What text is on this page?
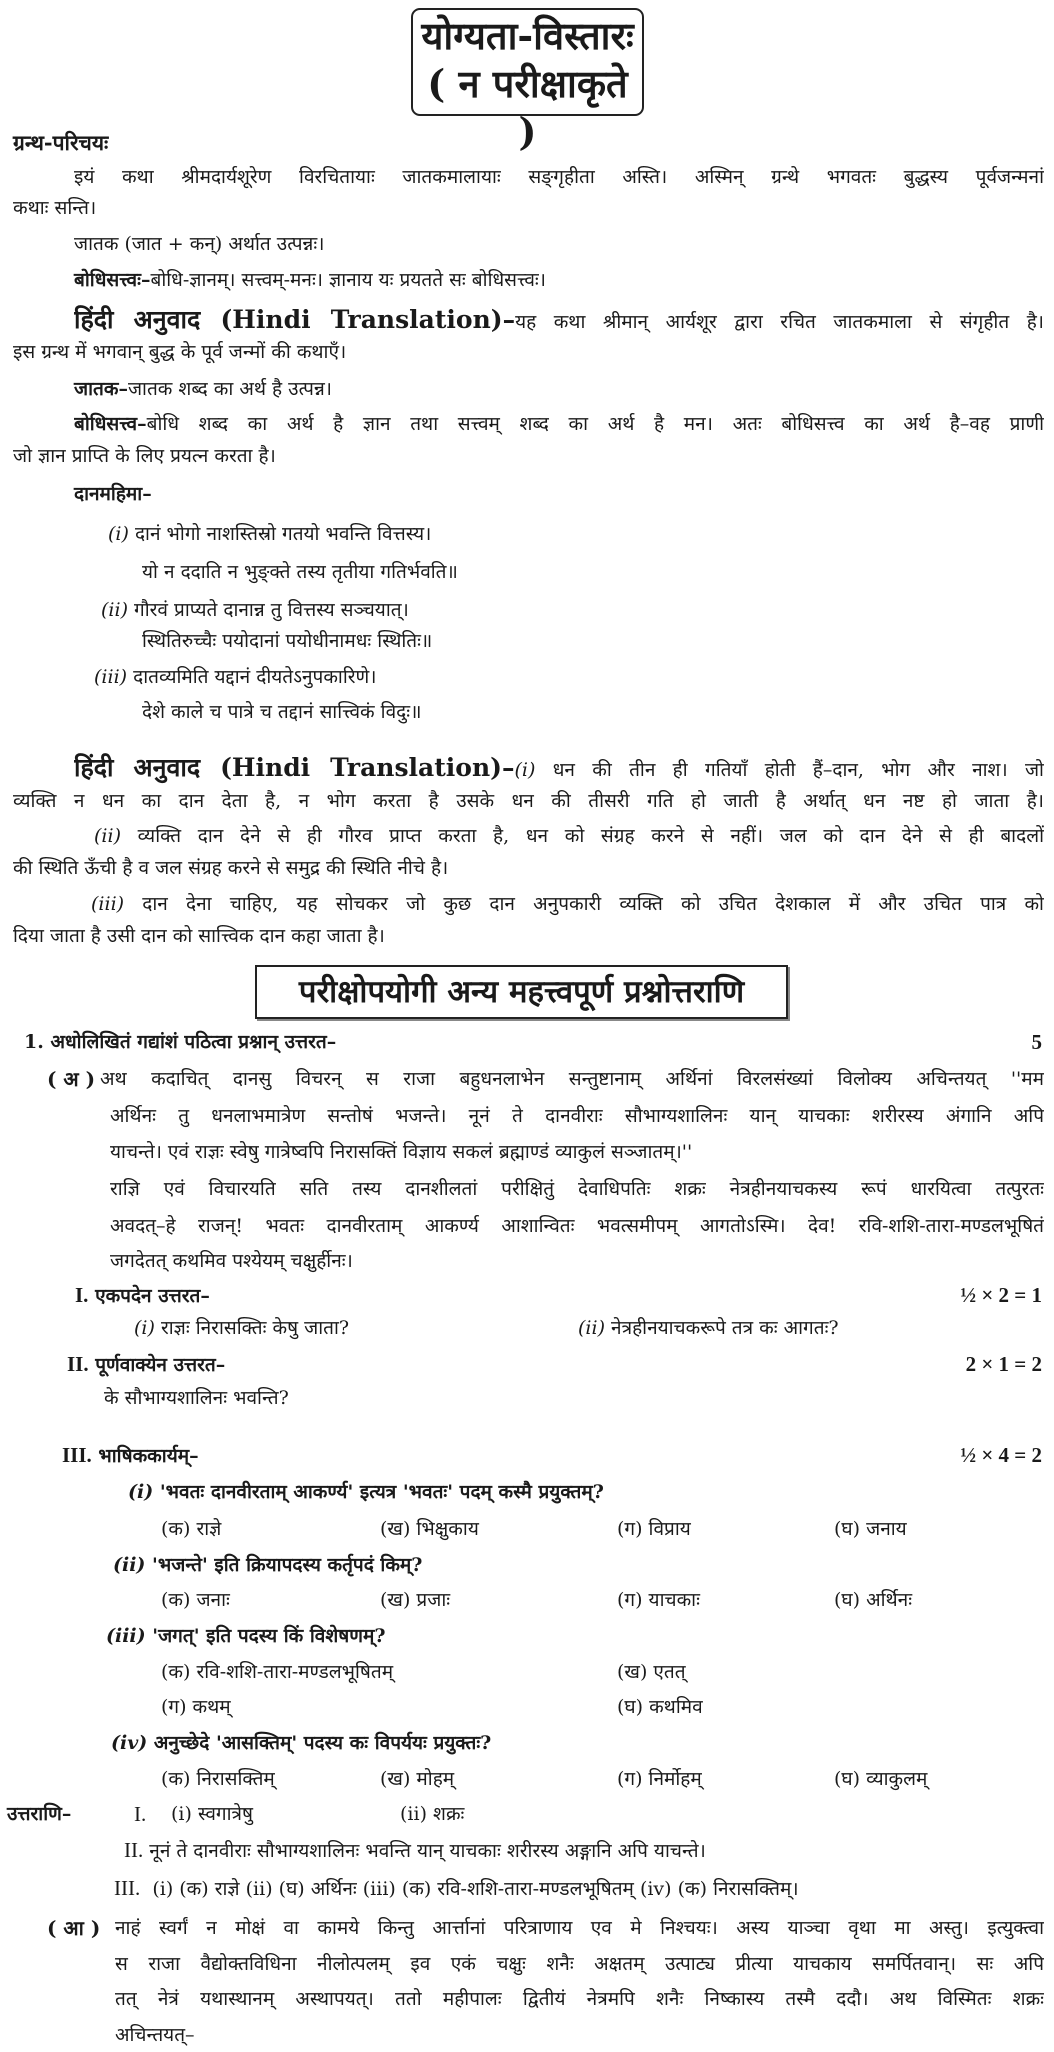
योग्यता-विस्तारः
( न परीक्षाकृते )
ग्रन्थ-परिचयः
इयं कथा श्रीमदार्यशूरेण विरचितायाः जातकमालायाः सङ्गृहीता अस्ति। अस्मिन् ग्रन्थे भगवतः बुद्धस्य पूर्वजन्मनां
कथाः सन्ति।
जातक (जात + कन्) अर्थात उत्पन्नः।
बोधिसत्त्वः–बोधि-ज्ञानम्। सत्त्वम्-मनः। ज्ञानाय यः प्रयतते सः बोधिसत्त्वः।
हिंदी अनुवाद (Hindi Translation)–यह कथा श्रीमान् आर्यशूर द्वारा रचित जातकमाला से संगृहीत है।
इस ग्रन्थ में भगवान् बुद्ध के पूर्व जन्मों की कथाएँ।
जातक–जातक शब्द का अर्थ है उत्पन्न।
बोधिसत्त्व–बोधि शब्द का अर्थ है ज्ञान तथा सत्त्वम् शब्द का अर्थ है मन। अतः बोधिसत्त्व का अर्थ है–वह प्राणी
जो ज्ञान प्राप्ति के लिए प्रयत्न करता है।
दानमहिमा–
(i) दानं भोगो नाशस्तिस्रो गतयो भवन्ति वित्तस्य।
यो न ददाति न भुङ्क्ते तस्य तृतीया गतिर्भवति॥
(ii) गौरवं प्राप्यते दानान्न तु वित्तस्य सञ्चयात्।
स्थितिरुच्चैः पयोदानां पयोधीनामधः स्थितिः॥
(iii) दातव्यमिति यद्दानं दीयतेऽनुपकारिणे।
देशे काले च पात्रे च तद्दानं सात्त्विकं विदुः॥
हिंदी अनुवाद (Hindi Translation)–(i) धन की तीन ही गतियाँ होती हैं–दान, भोग और नाश। जो
व्यक्ति न धन का दान देता है, न भोग करता है उसके धन की तीसरी गति हो जाती है अर्थात् धन नष्ट हो जाता है।
(ii) व्यक्ति दान देने से ही गौरव प्राप्त करता है, धन को संग्रह करने से नहीं। जल को दान देने से ही बादलों
की स्थिति ऊँची है व जल संग्रह करने से समुद्र की स्थिति नीचे है।
(iii) दान देना चाहिए, यह सोचकर जो कुछ दान अनुपकारी व्यक्ति को उचित देशकाल में और उचित पात्र को
दिया जाता है उसी दान को सात्त्विक दान कहा जाता है।
परीक्षोपयोगी अन्य महत्त्वपूर्ण प्रश्नोत्तराणि
1. अधोलिखितं गद्यांशं पठित्वा प्रश्नान् उत्तरत–	5
( अ ) अथ कदाचित् दानसु विचरन् स राजा बहुधनलाभेन सन्तुष्टानाम् अर्थिनां विरलसंख्यां विलोक्य अचिन्तयत् ''मम
अर्थिनः तु धनलाभमात्रेण सन्तोषं भजन्ते। नूनं ते दानवीराः सौभाग्यशालिनः यान् याचकाः शरीरस्य अंगानि अपि
याचन्ते। एवं राज्ञः स्वेषु गात्रेष्वपि निरासक्तिं विज्ञाय सकलं ब्रह्माण्डं व्याकुलं सञ्जातम्।''
राज्ञि एवं विचारयति सति तस्य दानशीलतां परीक्षितुं देवाधिपतिः शक्रः नेत्रहीनयाचकस्य रूपं धारयित्वा तत्पुरतः
अवदत्–हे राजन्! भवतः दानवीरताम् आकर्ण्य आशान्वितः भवत्समीपम् आगतोऽस्मि। देव! रवि-शशि-तारा-मण्डलभूषितं
जगदेतत् कथमिव पश्येयम् चक्षुर्हीनः।
I. एकपदेन उत्तरत–	½ × 2 = 1
(i) राज्ञः निरासक्तिः केषु जाता?	(ii) नेत्रहीनयाचकरूपे तत्र कः आगतः?
II. पूर्णवाक्येन उत्तरत–	2 × 1 = 2
के सौभाग्यशालिनः भवन्ति?
III. भाषिककार्यम्–	½ × 4 = 2
(i) 'भवतः दानवीरताम् आकर्ण्य' इत्यत्र 'भवतः' पदम् कस्मै प्रयुक्तम्?
(क) राज्ञे	(ख) भिक्षुकाय	(ग) विप्राय	(घ) जनाय
(ii) 'भजन्ते' इति क्रियापदस्य कर्तृपदं किम्?
(क) जनाः	(ख) प्रजाः	(ग) याचकाः	(घ) अर्थिनः
(iii) 'जगत्' इति पदस्य किं विशेषणम्?
(क) रवि-शशि-तारा-मण्डलभूषितम्	(ख) एतत्
(ग) कथम्	(घ) कथमिव
(iv) अनुच्छेदे 'आसक्तिम्' पदस्य कः विपर्ययः प्रयुक्तः?
(क) निरासक्तिम्	(ख) मोहम्	(ग) निर्मोहम्	(घ) व्याकुलम्
उत्तराणि–	I. (i) स्वगात्रेषु	(ii) शक्रः
II. नूनं ते दानवीराः सौभाग्यशालिनः भवन्ति यान् याचकाः शरीरस्य अङ्गानि अपि याचन्ते।
III. (i) (क) राज्ञे (ii) (घ) अर्थिनः (iii) (क) रवि-शशि-तारा-मण्डलभूषितम् (iv) (क) निरासक्तिम्।
( आ ) नाहं स्वर्गं न मोक्षं वा कामये किन्तु आर्त्तानां परित्राणाय एव मे निश्चयः। अस्य याञ्चा वृथा मा अस्तु। इत्युक्त्वा
स राजा वैद्योक्तविधिना नीलोत्पलम् इव एकं चक्षुः शनैः अक्षतम् उत्पाट्य प्रीत्या याचकाय समर्पितवान्। सः अपि
तत् नेत्रं यथास्थानम् अस्थापयत्। ततो महीपालः द्वितीयं नेत्रमपि शनैः निष्कास्य तस्मै ददौ। अथ विस्मितः शक्रः
अचिन्तयत्–
